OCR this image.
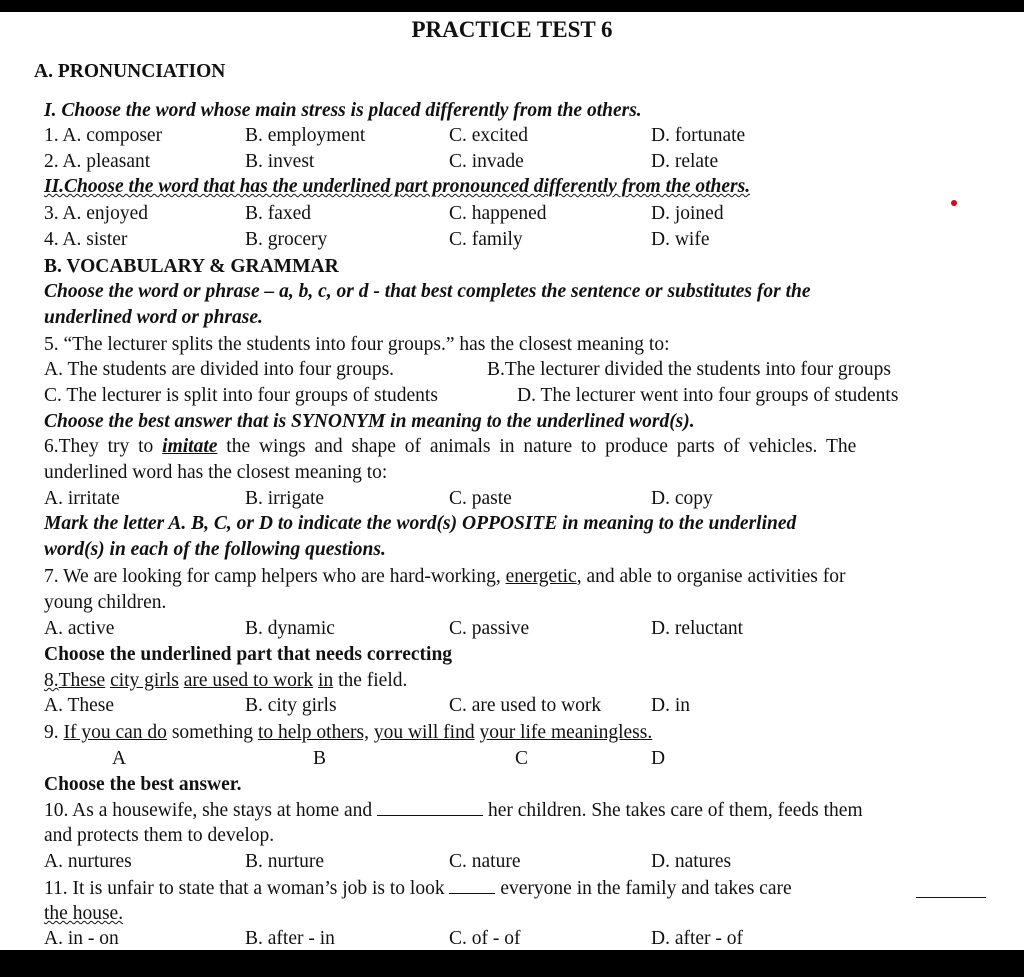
PRACTICE TEST 6
A. PRONUNCIATION
I. Choose the word whose main stress is placed differently from the others.
1. A. composer	B. employment	C. excited	D. fortunate
2. A. pleasant	B. invest	C. invade	D. relate
II.Choose the word that has the underlined part pronounced differently from the others.
3. A. enjoyed	B. faxed	C. happened	D. joined
4. A. sister	B. grocery	C. family	D. wife
B. VOCABULARY & GRAMMAR
Choose the word or phrase – a, b, c, or d - that best completes the sentence or substitutes for the
underlined word or phrase.
5. “The lecturer splits the students into four groups.” has the closest meaning to:
A. The students are divided into four groups.	B.The lecturer divided the students into four groups
C. The lecturer is split into four groups of students	D. The lecturer went into four groups of students
Choose the best answer that is SYNONYM in meaning to the underlined word(s).
6.They try to imitate the wings and shape of animals in nature to produce parts of vehicles. The
underlined word has the closest meaning to:
A. irritate	B. irrigate	C. paste	D. copy
Mark the letter A. B, C, or D to indicate the word(s) OPPOSITE in meaning to the underlined
word(s) in each of the following questions.
7. We are looking for camp helpers who are hard-working, energetic, and able to organise activities for
young children.
A. active	B. dynamic	C. passive	D. reluctant
Choose the underlined part that needs correcting
8.These city girls are used to work in the field.
A. These	B. city girls	C. are used to work	D. in
9. If you can do something to help others, you will find your life meaningless.
A	B	C	D
Choose the best answer.
10. As a housewife, she stays at home and	her children. She takes care of them, feeds them
and protects them to develop.
A. nurtures	B. nurture	C. nature	D. natures
11. It is unfair to state that a woman’s job is to look	everyone in the family and takes care
the house.
A. in - on	B. after - in	C. of - of	D. after - of
